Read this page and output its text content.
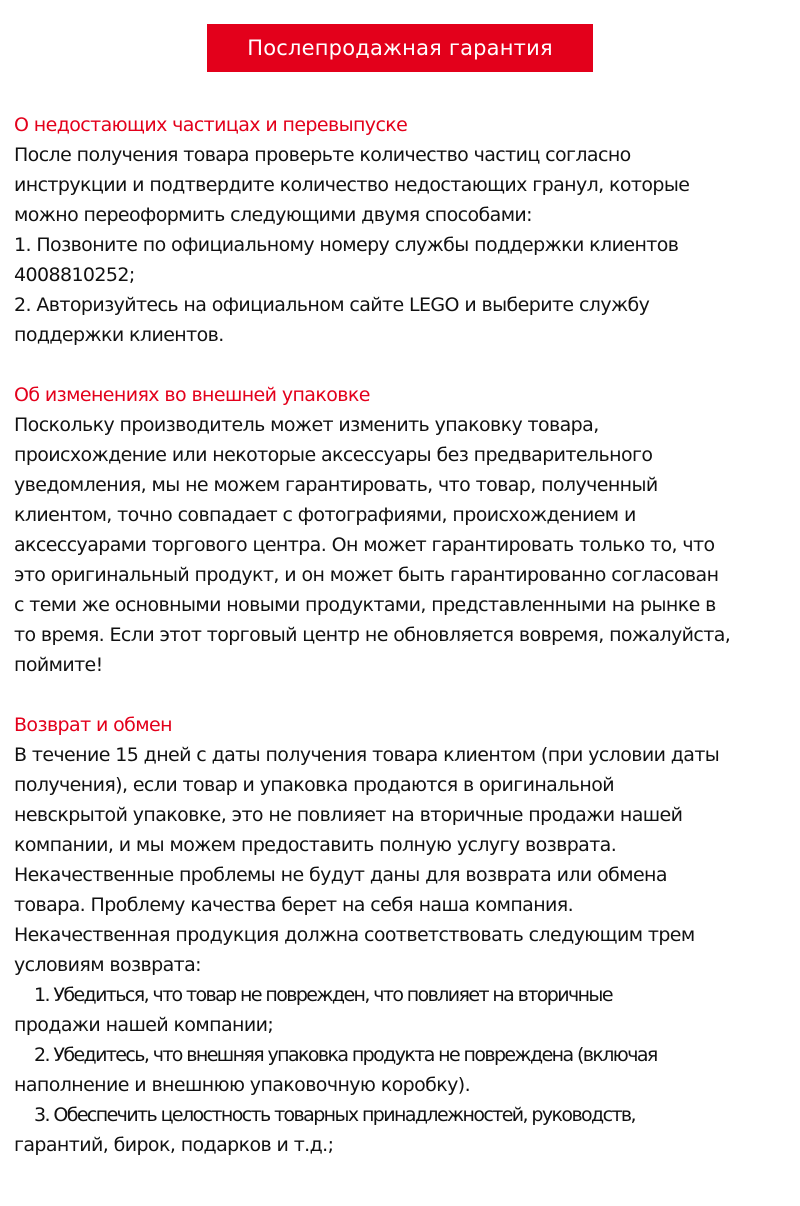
Послепродажная гарантия
О недостающих частицах и перевыпуске
После получения товара проверьте количество частиц согласно
инструкции и подтвердите количество недостающих гранул, которые
можно переоформить следующими двумя способами:
1. Позвоните по официальному номеру службы поддержки клиентов
4008810252;
2. Авторизуйтесь на официальном сайте LEGO и выберите службу
поддержки клиентов.
Об изменениях во внешней упаковке
Поскольку производитель может изменить упаковку товара,
происхождение или некоторые аксессуары без предварительного
уведомления, мы не можем гарантировать, что товар, полученный
клиентом, точно совпадает с фотографиями, происхождением и
аксессуарами торгового центра. Он может гарантировать только то, что
это оригинальный продукт, и он может быть гарантированно согласован
с теми же основными новыми продуктами, представленными на рынке в
то время. Если этот торговый центр не обновляется вовремя, пожалуйста,
поймите!
Возврат и обмен
В течение 15 дней с даты получения товара клиентом (при условии даты
получения), если товар и упаковка продаются в оригинальной
невскрытой упаковке, это не повлияет на вторичные продажи нашей
компании, и мы можем предоставить полную услугу возврата.
Некачественные проблемы не будут даны для возврата или обмена
товара. Проблему качества берет на себя наша компания.
Некачественная продукция должна соответствовать следующим трем
условиям возврата:
1. Убедиться, что товар не поврежден, что повлияет на вторичные
продажи нашей компании;
2. Убедитесь, что внешняя упаковка продукта не повреждена (включая
наполнение и внешнюю упаковочную коробку).
3. Обеспечить целостность товарных принадлежностей, руководств,
гарантий, бирок, подарков и т.д.;
